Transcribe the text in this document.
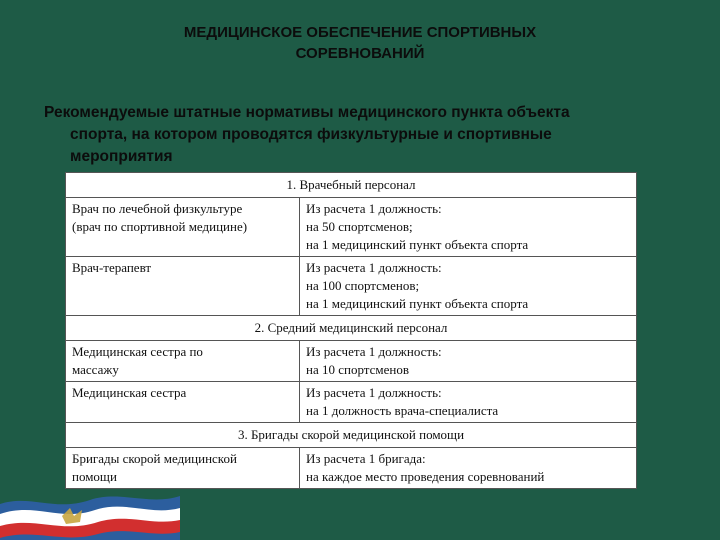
МЕДИЦИНСКОЕ ОБЕСПЕЧЕНИЕ СПОРТИВНЫХ
СОРЕВНОВАНИЙ
Рекомендуемые штатные нормативы медицинского пункта объекта
спорта, на котором проводятся физкультурные и спортивные
мероприятия
1. Врачебный персонал	

Врач по лечебной физкультуре
(врач по спортивной медицине)	Из расчета 1 должность:
на 50 спортсменов;
на 1 медицинский пункт объекта спорта

Врач-терапевт	Из расчета 1 должность:
на 100 спортсменов;
на 1 медицинский пункт объекта спорта

2. Средний медицинский персонал	

Медицинская сестра по
массажу	Из расчета 1 должность:
на 10 спортсменов

Медицинская сестра	Из расчета 1 должность:
на 1 должность врача-специалиста

3. Бригады скорой медицинской помощи	

Бригады скорой медицинской
помощи	Из расчета 1 бригада:
на каждое место проведения соревнований
